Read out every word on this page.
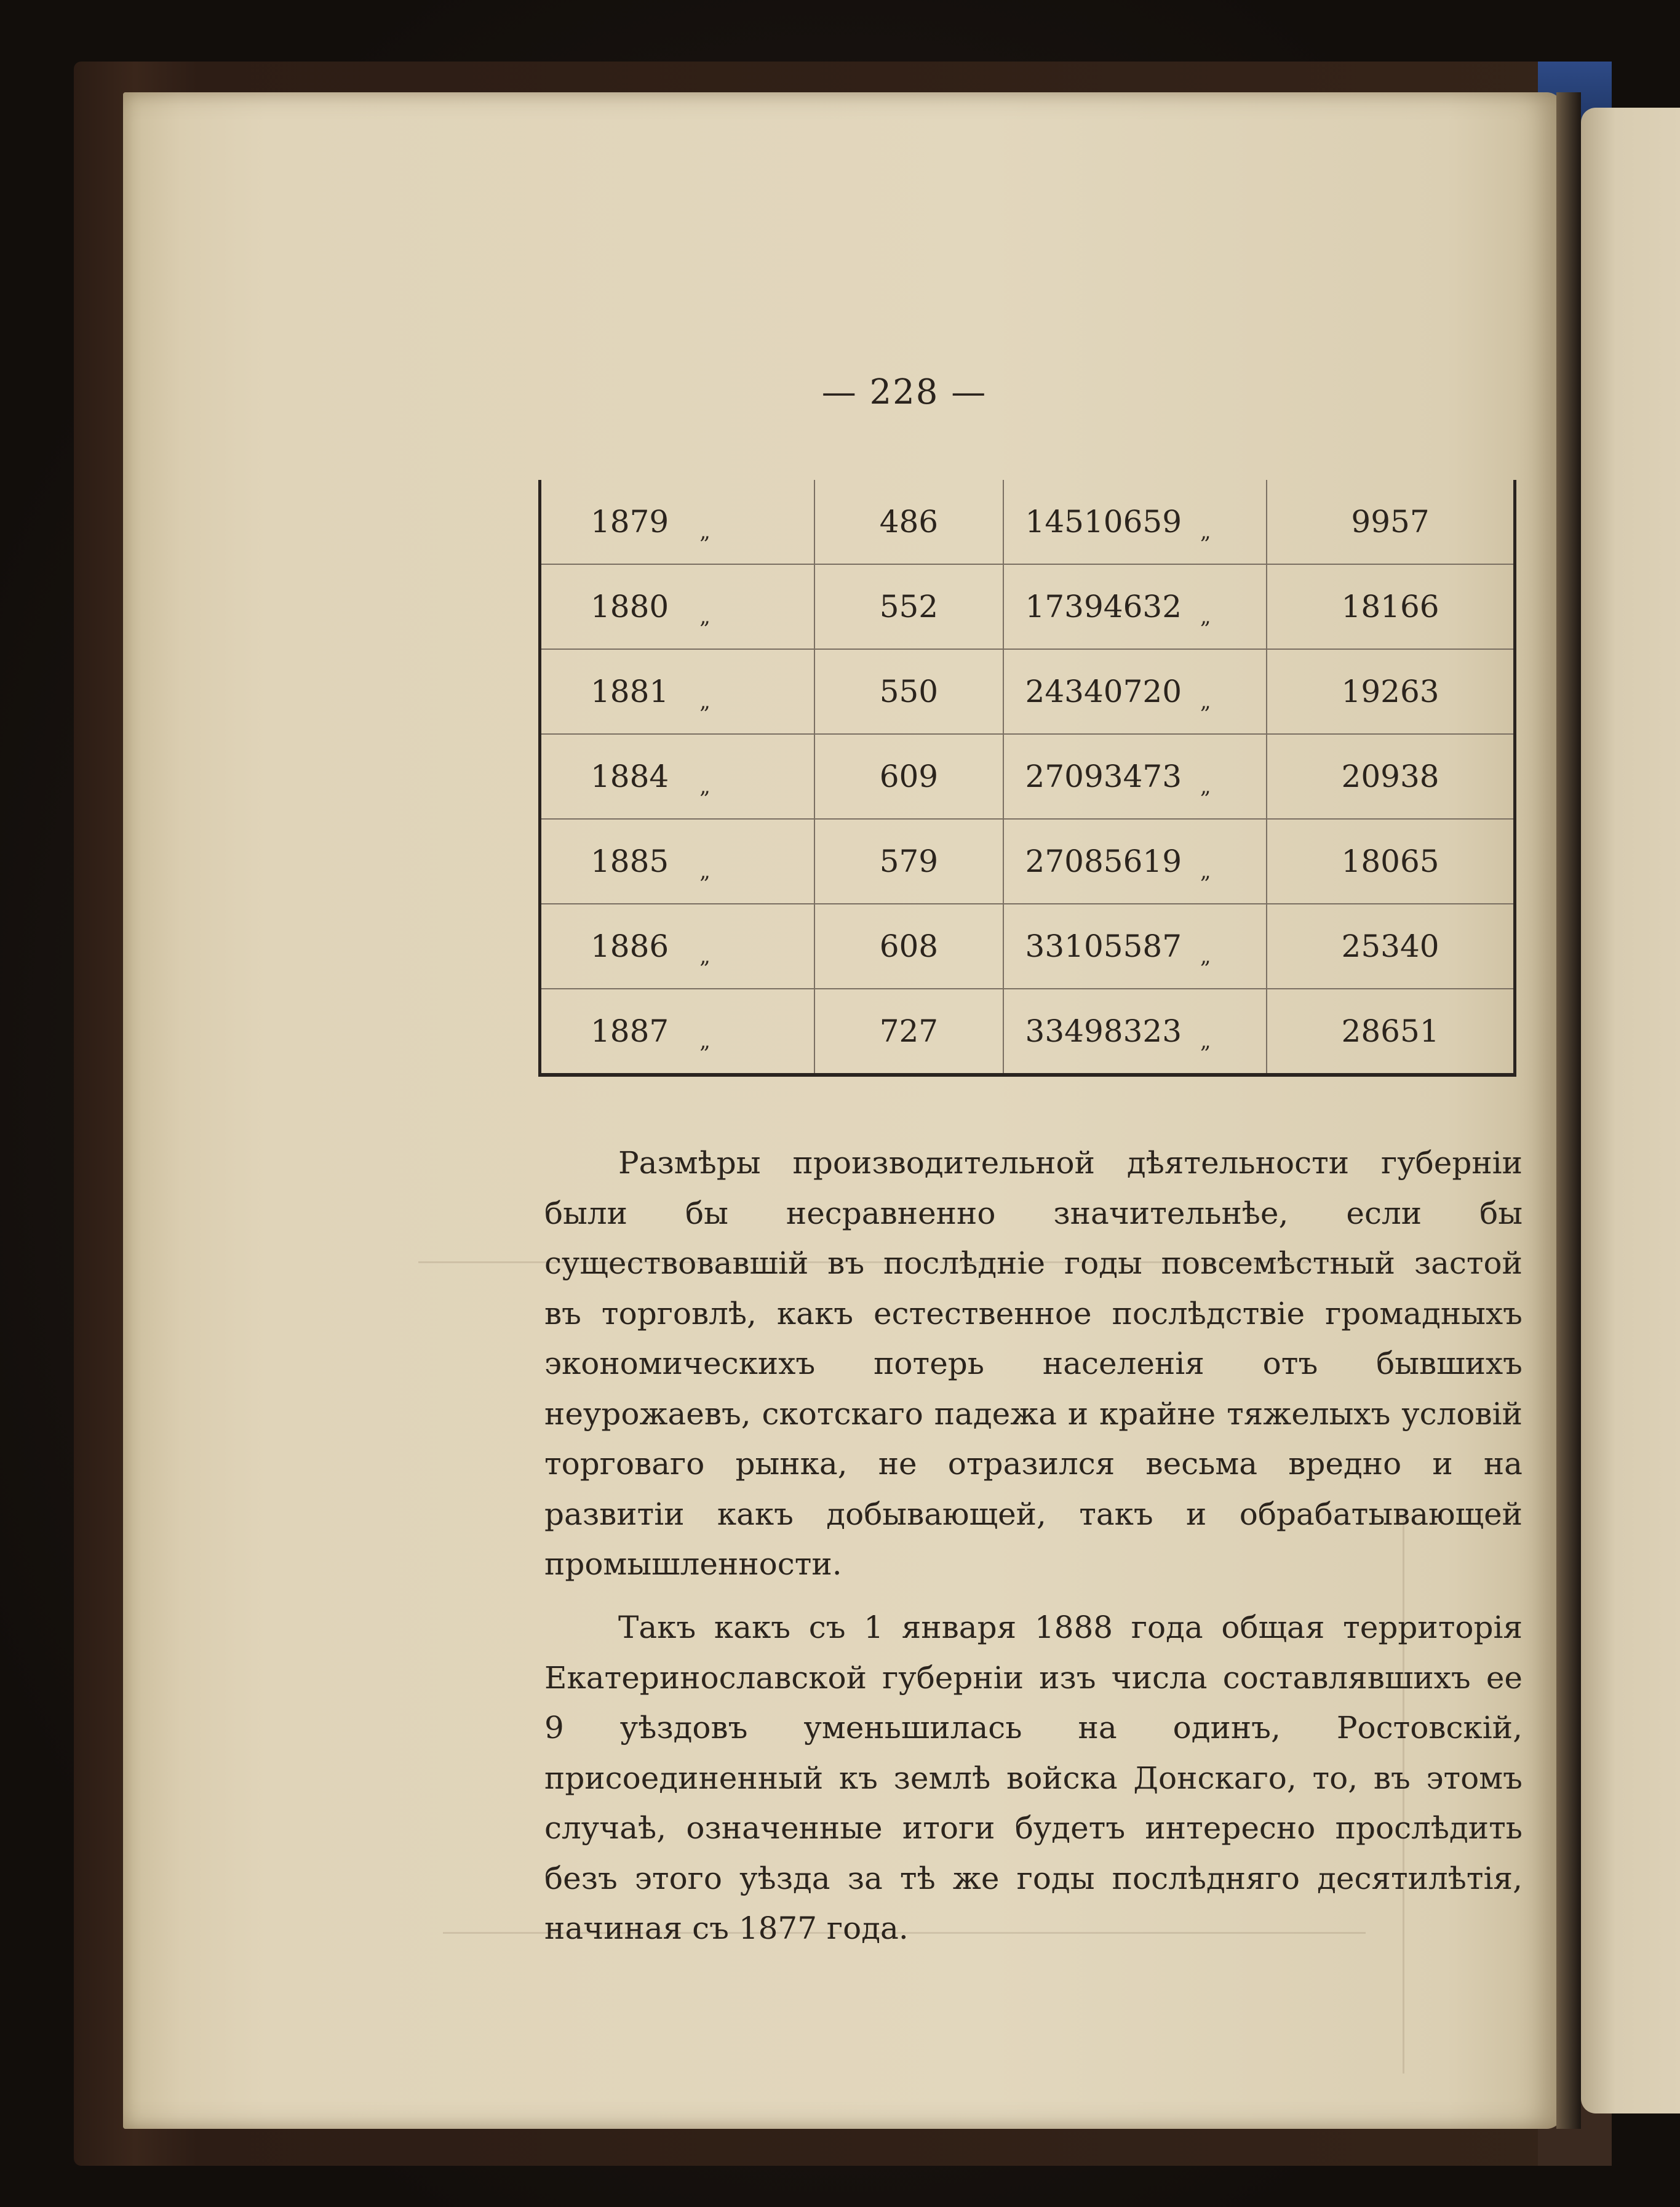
— 228 —
1879 $_„$	486	14510659 $_„$	9957
1880 $_„$	552	17394632 $_„$	18166
1881 $_„$	550	24340720 $_„$	19263
1884 $_„$	609	27093473 $_„$	20938
1885 $_„$	579	27085619 $_„$	18065
1886 $_„$	608	33105587 $_„$	25340
1887 $_„$	727	33498323 $_„$	28651

Размѣры производительной дѣятельности губерніи были бы несравненно значительнѣе, если бы существовавшій въ послѣдніе годы повсемѣстный застой въ торговлѣ, какъ естественное послѣдствіе громадныхъ экономическихъ потерь населенія отъ бывшихъ неурожаевъ, скотскаго падежа и крайне тяжелыхъ условій торговаго рынка, не отразился весьма вредно и на развитіи какъ добывающей, такъ и обрабатывающей промышленности.

Такъ какъ съ 1 января 1888 года общая территорія Екатеринославской губерніи изъ числа составлявшихъ ее 9 уѣздовъ уменьшилась на одинъ, Ростовскій, присоединенный къ землѣ войска Донскаго, то, въ этомъ случаѣ, означенные итоги будетъ интересно прослѣдить безъ этого уѣзда за тѣ же годы послѣдняго десятилѣтія, начиная съ 1877 года.
